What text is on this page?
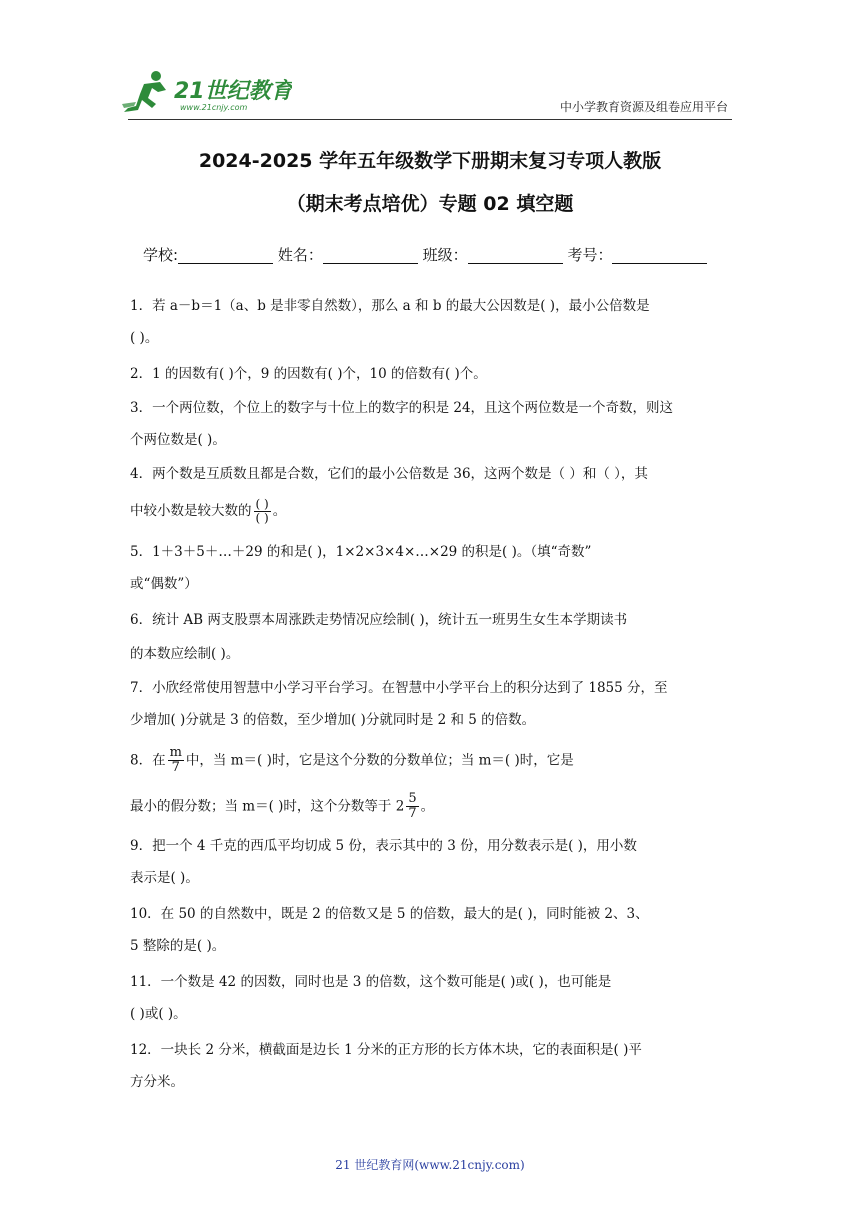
21世纪教育
www.21cnjy.com	中小学教育资源及组卷应用平台
2024-2025 学年五年级数学下册期末复习专项人教版
（期末考点培优）专题 02 填空题
学校:	姓名：	班级：	考号：
1．若 a－b＝1（a、b 是非零自然数），那么 a 和 b 的最大公因数是( )，最小公倍数是
( )。
2．1 的因数有( )个，9 的因数有( )个，10 的倍数有( )个。
3．一个两位数，个位上的数字与十位上的数字的积是 24，且这个两位数是一个奇数，则这
个两位数是( )。
4．两个数是互质数且都是合数，它们的最小公倍数是 36，这两个数是（ ）和（ ），其
中较小数是较大数的 $\frac{( )}{( )}$ 。
5．1＋3＋5＋…＋29 的和是( )，1×2×3×4×…×29 的积是( )。（填“奇数”
或“偶数”）
6．统计 AB 两支股票本周涨跌走势情况应绘制( )，统计五一班男生女生本学期读书
的本数应绘制( )。
7．小欣经常使用智慧中小学习平台学习。在智慧中小学平台上的积分达到了 1855 分，至
少增加( )分就是 3 的倍数，至少增加( )分就同时是 2 和 5 的倍数。
8．在 $\frac{m}{7}$ 中，当 m＝( )时，它是这个分数的分数单位；当 m＝( )时，它是
最小的假分数；当 m＝( )时，这个分数等于 $2 \frac{5}{7}$ 。
9．把一个 4 千克的西瓜平均切成 5 份，表示其中的 3 份，用分数表示是( )，用小数
表示是( )。
10．在 50 的自然数中，既是 2 的倍数又是 5 的倍数，最大的是( )，同时能被 2、3、
5 整除的是( )。
11．一个数是 42 的因数，同时也是 3 的倍数，这个数可能是( )或( )，也可能是
( )或( )。
12．一块长 2 分米，横截面是边长 1 分米的正方形的长方体木块，它的表面积是( )平
方分米。
21 世纪教育网(www.21cnjy.com)
